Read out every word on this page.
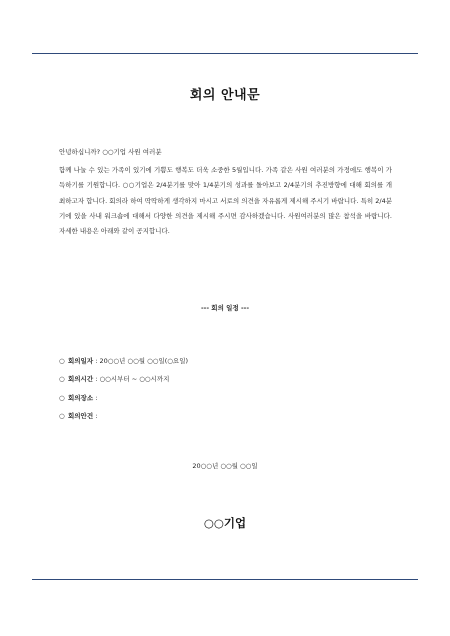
회의 안내문
안녕하십니까? ○○기업 사원 여러분
함께 나눌 수 있는 가족이 있기에 기쁨도 행복도 더욱 소중한 5월입니다. 가족 같은 사원 여러분의 가정에도 행복이 가득하기를 기원합니다. ○○기업은 2/4분기를 맞아 1/4분기의 성과를 돌아보고 2/4분기의 추진방향에 대해 회의를 개최하고자 합니다. 회의라 하여 딱딱하게 생각하지 마시고 서로의 의견을 자유롭게 제시해 주시기 바랍니다. 특히 2/4분기에 있을 사내 워크숍에 대해서 다양한 의견을 제시해 주시면 감사하겠습니다. 사원여러분의 많은 참석을 바랍니다. 자세한 내용은 아래와 같이 공지합니다.
--- 회의 일정 ---
○ 회의일자 : 20○○년 ○○월 ○○일(○요일)
○ 회의시간 : ○○시부터 ~ ○○시까지
○ 회의장소 :
○ 회의안건 :
20○○년 ○○월 ○○일
○○기업
